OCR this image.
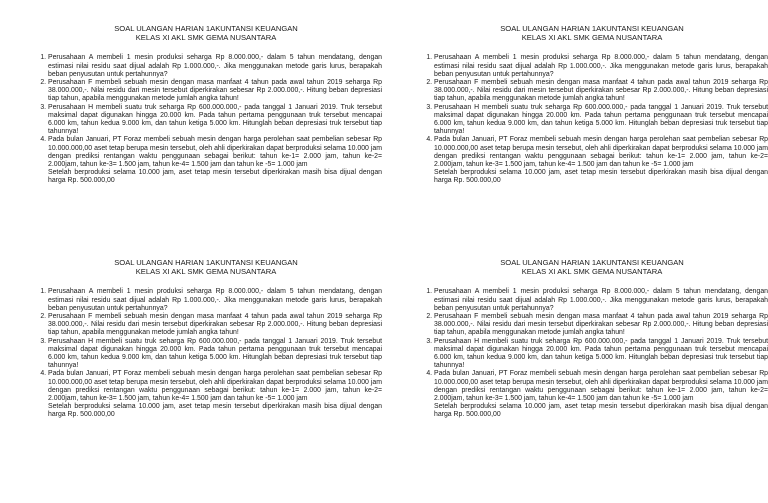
SOAL ULANGAN HARIAN 1AKUNTANSI KEUANGAN
KELAS XI AKL SMK GEMA NUSANTARA
1. Perusahaan A membeli 1 mesin produksi seharga Rp 8.000.000,- dalam 5 tahun mendatang, dengan estimasi nilai residu saat dijual adalah Rp 1.000.000,-. Jika menggunakan metode garis lurus, berapakah beban penyusutan untuk pertahunnya?
2. Perusahaan F membeli sebuah mesin dengan masa manfaat 4 tahun pada awal tahun 2019 seharga Rp 38.000.000,-. Nilai residu dari mesin tersebut diperkirakan sebesar Rp 2.000.000,-. Hitung beban depresiasi tiap tahun, apabila menggunakan metode jumlah angka tahun!
3. Perusahaan H membeli suatu truk seharga Rp 600.000.000,- pada tanggal 1 Januari 2019. Truk tersebut maksimal dapat digunakan hingga 20.000 km. Pada tahun pertama penggunaan truk tersebut mencapai 6.000 km, tahun kedua 9.000 km, dan tahun ketiga 5.000 km. Hitunglah beban depresiasi truk tersebut tiap tahunnya!
4. Pada bulan Januari, PT Foraz membeli sebuah mesin dengan harga perolehan saat pembelian sebesar Rp 10.000.000,00 aset tetap berupa mesin tersebut, oleh ahli diperkirakan dapat berproduksi selama 10.000 jam dengan prediksi rentangan waktu penggunaan sebagai berikut: tahun ke-1= 2.000 jam, tahun ke-2= 2.000jam, tahun ke-3= 1.500 jam, tahun ke-4= 1.500 jam dan tahun ke -5= 1.000 jam
Setelah berproduksi selama 10.000 jam, aset tetap mesin tersebut diperkirakan masih bisa dijual dengan harga Rp. 500.000,00
SOAL ULANGAN HARIAN 1AKUNTANSI KEUANGAN
KELAS XI AKL SMK GEMA NUSANTARA
1. Perusahaan A membeli 1 mesin produksi seharga Rp 8.000.000,- dalam 5 tahun mendatang, dengan estimasi nilai residu saat dijual adalah Rp 1.000.000,-. Jika menggunakan metode garis lurus, berapakah beban penyusutan untuk pertahunnya?
2. Perusahaan F membeli sebuah mesin dengan masa manfaat 4 tahun pada awal tahun 2019 seharga Rp 38.000.000,-. Nilai residu dari mesin tersebut diperkirakan sebesar Rp 2.000.000,-. Hitung beban depresiasi tiap tahun, apabila menggunakan metode jumlah angka tahun!
3. Perusahaan H membeli suatu truk seharga Rp 600.000.000,- pada tanggal 1 Januari 2019. Truk tersebut maksimal dapat digunakan hingga 20.000 km. Pada tahun pertama penggunaan truk tersebut mencapai 6.000 km, tahun kedua 9.000 km, dan tahun ketiga 5.000 km. Hitunglah beban depresiasi truk tersebut tiap tahunnya!
4. Pada bulan Januari, PT Foraz membeli sebuah mesin dengan harga perolehan saat pembelian sebesar Rp 10.000.000,00 aset tetap berupa mesin tersebut, oleh ahli diperkirakan dapat berproduksi selama 10.000 jam dengan prediksi rentangan waktu penggunaan sebagai berikut: tahun ke-1= 2.000 jam, tahun ke-2= 2.000jam, tahun ke-3= 1.500 jam, tahun ke-4= 1.500 jam dan tahun ke -5= 1.000 jam
Setelah berproduksi selama 10.000 jam, aset tetap mesin tersebut diperkirakan masih bisa dijual dengan harga Rp. 500.000,00
SOAL ULANGAN HARIAN 1AKUNTANSI KEUANGAN
KELAS XI AKL SMK GEMA NUSANTARA
1. Perusahaan A membeli 1 mesin produksi seharga Rp 8.000.000,- dalam 5 tahun mendatang, dengan estimasi nilai residu saat dijual adalah Rp 1.000.000,-. Jika menggunakan metode garis lurus, berapakah beban penyusutan untuk pertahunnya?
2. Perusahaan F membeli sebuah mesin dengan masa manfaat 4 tahun pada awal tahun 2019 seharga Rp 38.000.000,-. Nilai residu dari mesin tersebut diperkirakan sebesar Rp 2.000.000,-. Hitung beban depresiasi tiap tahun, apabila menggunakan metode jumlah angka tahun!
3. Perusahaan H membeli suatu truk seharga Rp 600.000.000,- pada tanggal 1 Januari 2019. Truk tersebut maksimal dapat digunakan hingga 20.000 km. Pada tahun pertama penggunaan truk tersebut mencapai 6.000 km, tahun kedua 9.000 km, dan tahun ketiga 5.000 km. Hitunglah beban depresiasi truk tersebut tiap tahunnya!
4. Pada bulan Januari, PT Foraz membeli sebuah mesin dengan harga perolehan saat pembelian sebesar Rp 10.000.000,00 aset tetap berupa mesin tersebut, oleh ahli diperkirakan dapat berproduksi selama 10.000 jam dengan prediksi rentangan waktu penggunaan sebagai berikut: tahun ke-1= 2.000 jam, tahun ke-2= 2.000jam, tahun ke-3= 1.500 jam, tahun ke-4= 1.500 jam dan tahun ke -5= 1.000 jam
Setelah berproduksi selama 10.000 jam, aset tetap mesin tersebut diperkirakan masih bisa dijual dengan harga Rp. 500.000,00
SOAL ULANGAN HARIAN 1AKUNTANSI KEUANGAN
KELAS XI AKL SMK GEMA NUSANTARA
1. Perusahaan A membeli 1 mesin produksi seharga Rp 8.000.000,- dalam 5 tahun mendatang, dengan estimasi nilai residu saat dijual adalah Rp 1.000.000,-. Jika menggunakan metode garis lurus, berapakah beban penyusutan untuk pertahunnya?
2. Perusahaan F membeli sebuah mesin dengan masa manfaat 4 tahun pada awal tahun 2019 seharga Rp 38.000.000,-. Nilai residu dari mesin tersebut diperkirakan sebesar Rp 2.000.000,-. Hitung beban depresiasi tiap tahun, apabila menggunakan metode jumlah angka tahun!
3. Perusahaan H membeli suatu truk seharga Rp 600.000.000,- pada tanggal 1 Januari 2019. Truk tersebut maksimal dapat digunakan hingga 20.000 km. Pada tahun pertama penggunaan truk tersebut mencapai 6.000 km, tahun kedua 9.000 km, dan tahun ketiga 5.000 km. Hitunglah beban depresiasi truk tersebut tiap tahunnya!
4. Pada bulan Januari, PT Foraz membeli sebuah mesin dengan harga perolehan saat pembelian sebesar Rp 10.000.000,00 aset tetap berupa mesin tersebut, oleh ahli diperkirakan dapat berproduksi selama 10.000 jam dengan prediksi rentangan waktu penggunaan sebagai berikut: tahun ke-1= 2.000 jam, tahun ke-2= 2.000jam, tahun ke-3= 1.500 jam, tahun ke-4= 1.500 jam dan tahun ke -5= 1.000 jam
Setelah berproduksi selama 10.000 jam, aset tetap mesin tersebut diperkirakan masih bisa dijual dengan harga Rp. 500.000,00
